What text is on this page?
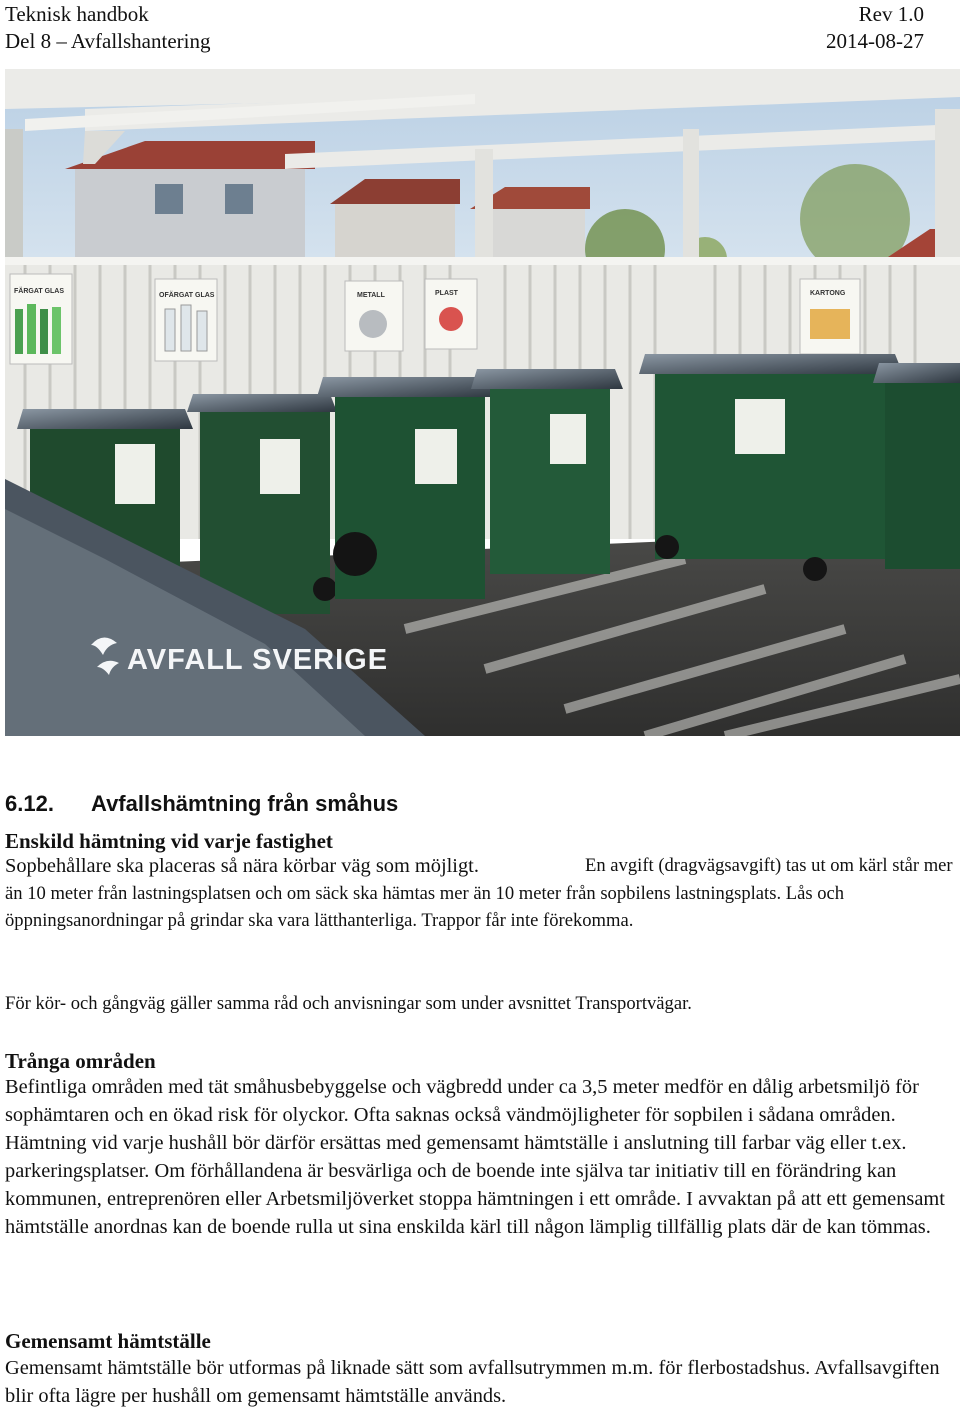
Teknisk handbok
Del 8 – Avfallshantering
Rev 1.0
2014-08-27
FÄRGAT GLAS
OFÄRGAT GLAS	METALL	PLAST	KARTONG
AVFALL SVERIGE
6.12. Avfallshämtning från småhus
Enskild hämtning vid varje fastighet
Sopbehållare ska placeras så nära körbar väg som möjligt.	En avgift (dragvägsavgift) tas ut om kärl står mer än 10 meter från lastningsplatsen och om säck ska hämtas mer än 10 meter från sopbilens lastningsplats. Lås och öppningsanordningar på grindar ska vara lätthanterliga. Trappor får inte förekomma.

För kör- och gångväg gäller samma råd och anvisningar som under avsnittet Transportvägar.

Trånga områden

Befintliga områden med tät småhusbebyggelse och vägbredd under ca 3,5 meter medför en dålig arbetsmiljö för sophämtaren och en ökad risk för olyckor. Ofta saknas också vändmöjligheter för sopbilen i sådana områden. Hämtning vid varje hushåll bör därför ersättas med gemensamt hämtställe i anslutning till farbar väg eller t.ex. parkeringsplatser. Om förhållandena är besvärliga och de boende inte själva tar initiativ till en förändring kan kommunen, entreprenören eller Arbetsmiljöverket stoppa hämtningen i ett område. I avvaktan på att ett gemensamt hämtställe anordnas kan de boende rulla ut sina enskilda kärl till någon lämplig tillfällig plats där de kan tömmas.

Gemensamt hämtställe

Gemensamt hämtställe bör utformas på liknade sätt som avfallsutrymmen m.m. för flerbostadshus. Avfallsavgiften blir ofta lägre per hushåll om gemensamt hämtställe används.
